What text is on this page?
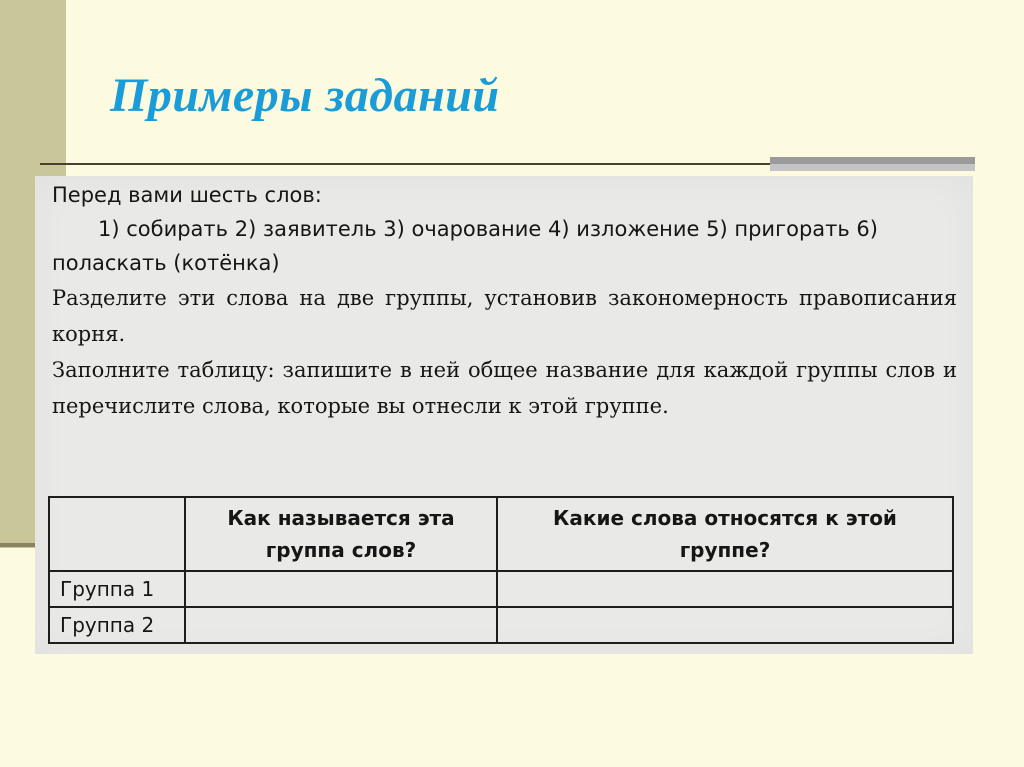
Примеры заданий

Перед вами шесть слов:

1) собирать 2) заявитель 3) очарование 4) изложение 5) пригорать 6)

поласкать (котёнка)

Разделите эти слова на две группы, установив закономерность правописания корня.

Заполните таблицу: запишите в ней общее название для каждой группы слов и перечислите слова, которые вы отнесли к этой группе.

	Как называется эта группа слов?	Какие слова относятся к этой группе?
Группа 1		
Группа 2		
